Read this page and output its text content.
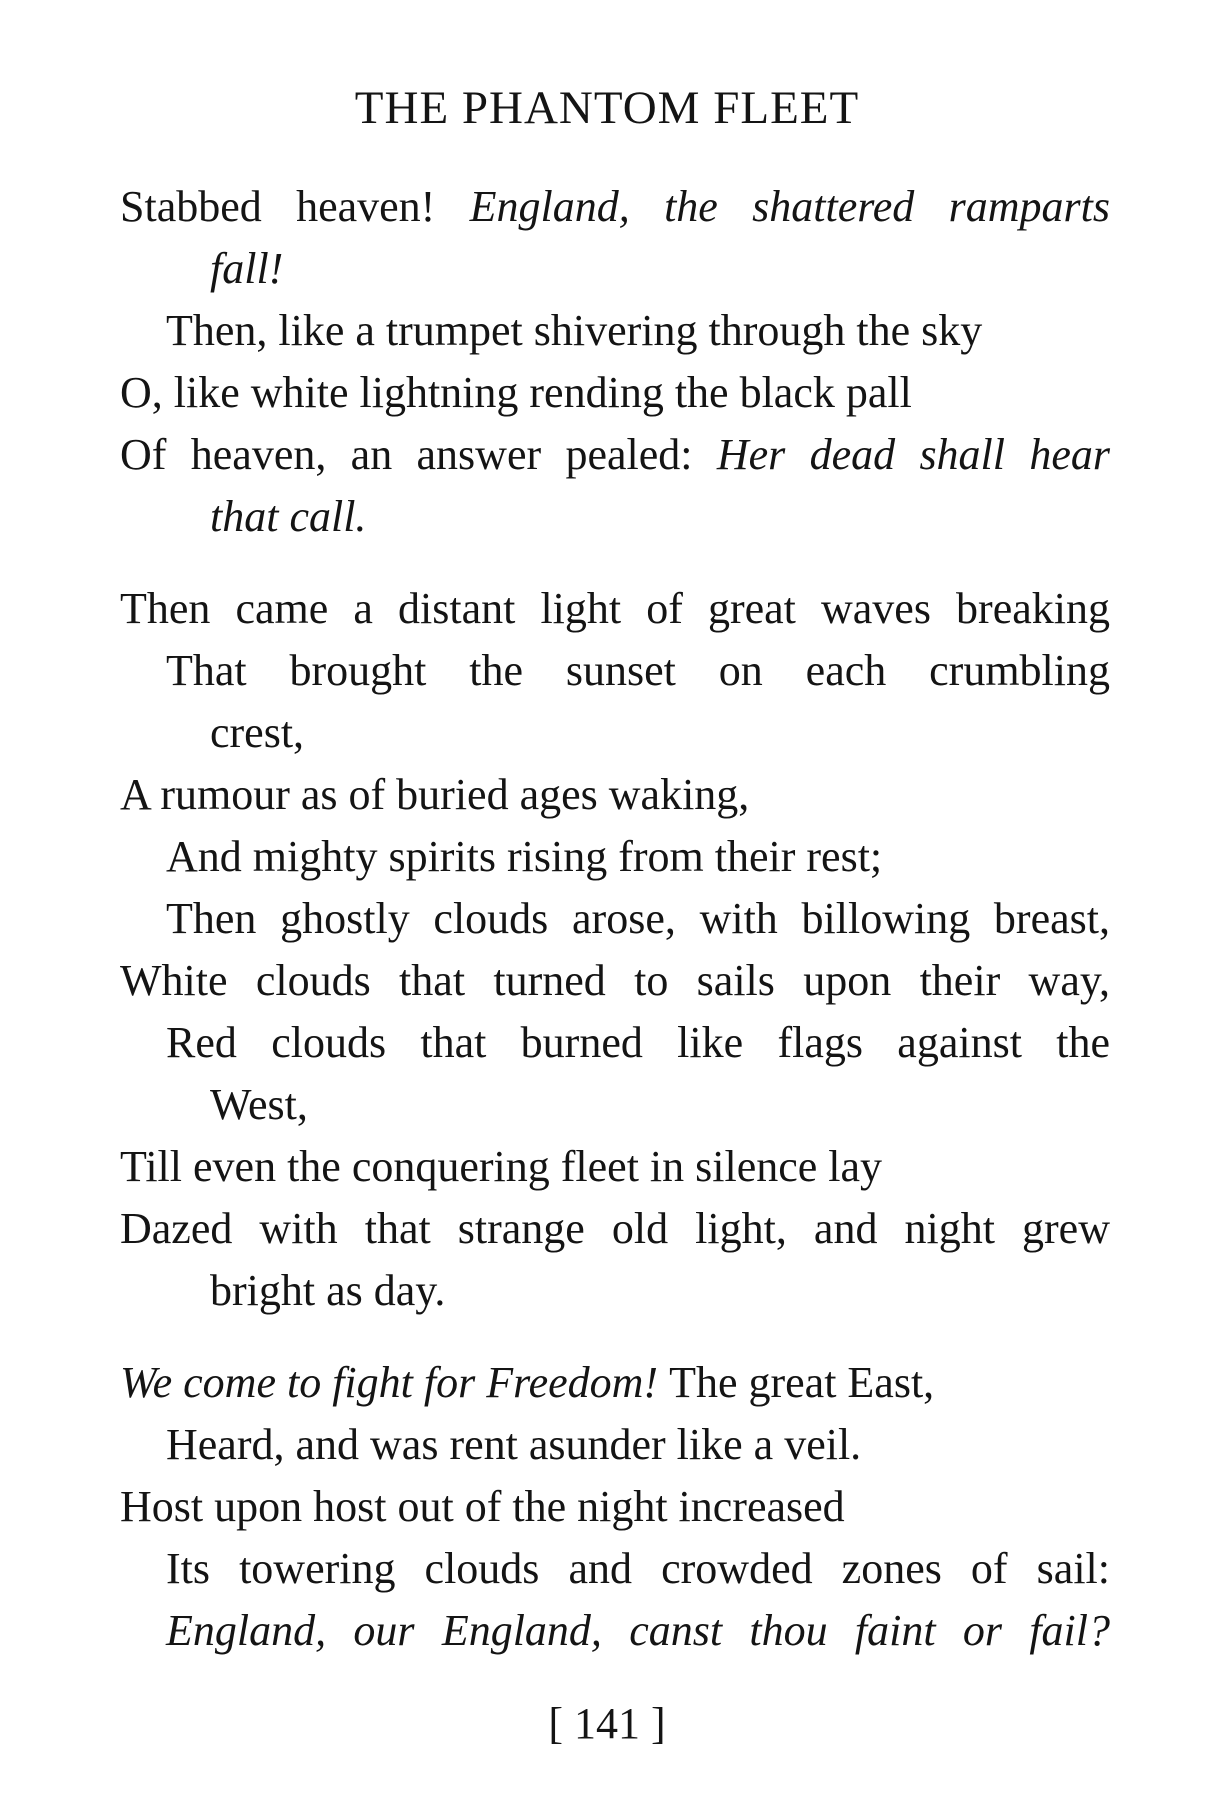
THE PHANTOM FLEET
Stabbed heaven! England, the shattered ramparts
fall!
Then, like a trumpet shivering through the sky
O, like white lightning rending the black pall
Of heaven, an answer pealed: Her dead shall hear
that call.
Then came a distant light of great waves breaking
That brought the sunset on each crumbling
crest,
A rumour as of buried ages waking,
And mighty spirits rising from their rest;
Then ghostly clouds arose, with billowing breast,
White clouds that turned to sails upon their way,
Red clouds that burned like flags against the
West,
Till even the conquering fleet in silence lay
Dazed with that strange old light, and night grew
bright as day.
We come to fight for Freedom! The great East,
Heard, and was rent asunder like a veil.
Host upon host out of the night increased
Its towering clouds and crowded zones of sail:
England, our England, canst thou faint or fail?
[ 141 ]
